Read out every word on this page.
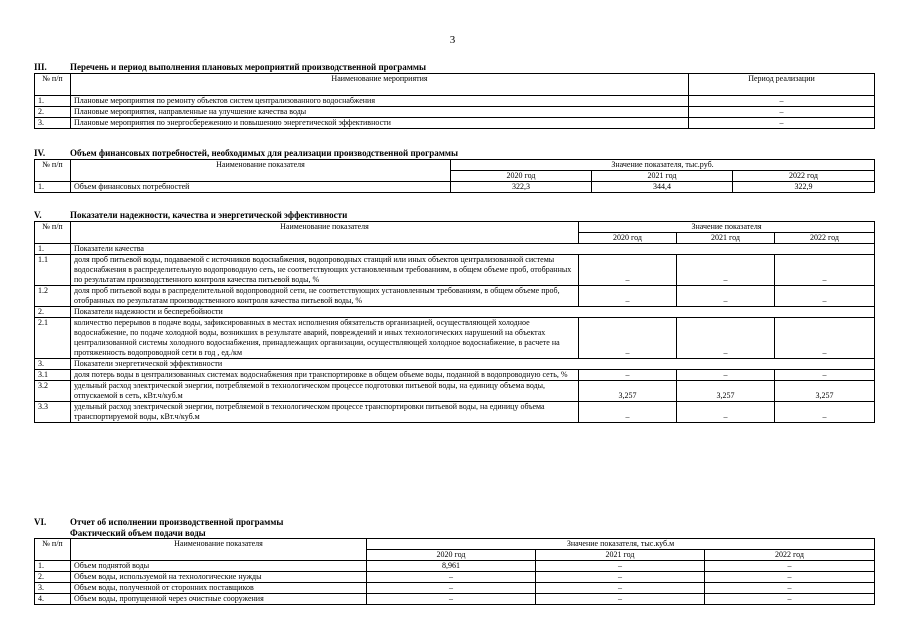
3
III.	Перечень и период выполнения плановых мероприятий производственной программы
№ п/п	Наименование мероприятия	Период реализации
1.	Плановые мероприятия по ремонту объектов систем централизованного водоснабжения	–
2.	Плановые мероприятия, направленные на улучшение качества воды	–
3.	Плановые мероприятия по энергосбережению и повышению энергетической эффективности	–
IV.	Объем финансовых потребностей, необходимых для реализации производственной программы
№ п/п	Наименование показателя	Значение показателя, тыс.руб.		
		2020 год	2021 год	2022 год
1.	Объем финансовых потребностей	322,3	344,4	322,9
V.	Показатели надежности, качества и энергетической эффективности
№ п/п	Наименование показателя	Значение показателя		
		2020 год	2021 год	2022 год
1.	Показатели качества			
1.1	доля проб питьевой воды, подаваемой с источников водоснабжения, водопроводных станций или иных объектов централизованной системы водоснабжения в распределительную водопроводную сеть, не соответствующих установленным требованиям, в общем объеме проб, отобранных по результатам производственного контроля качества питьевой воды, %	–	–	–
1.2	доля проб питьевой воды в распределительной водопроводной сети, не соответствующих установленным требованиям, в общем объеме проб, отобранных по результатам производственного контроля качества питьевой воды, %	–	–	–
2.	Показатели надежности и бесперебойности			
2.1	количество перерывов в подаче воды, зафиксированных в местах исполнения обязательств организацией, осуществляющей холодное водоснабжение, по подаче холодной воды, возникших в результате аварий, повреждений и иных технологических нарушений на объектах централизованной системы холодного водоснабжения, принадлежащих организации, осуществляющей холодное водоснабжение, в расчете на протяженность водопроводной сети в год , ед./км	–	–	–
3.	Показатели энергетической эффективности			
3.1	доля потерь воды в централизованных системах водоснабжения при транспортировке в общем объеме воды, поданной в водопроводную сеть, %	–	–	–
3.2	удельный расход электрической энергии, потребляемой в технологическом процессе подготовки питьевой воды, на единицу объема воды, отпускаемой в сеть, кВт.ч/куб.м	3,257	3,257	3,257
3.3	удельный расход электрической энергии, потребляемой в технологическом процессе транспортировки питьевой воды, на единицу объема транспортируемой воды, кВт.ч/куб.м	–	–	–
VI.	Отчет об исполнении производственной программы
Фактический объем подачи воды
№ п/п	Наименование показателя	Значение показателя, тыс.куб.м		
		2020 год	2021 год	2022 год
1.	Объем поднятой воды	8,961	–	–
2.	Объем воды, используемой на технологические нужды	–	–	–
3.	Объем воды, полученной от сторонних поставщиков	–	–	–
4.	Объем воды, пропущенной через очистные сооружения	–	–	–
